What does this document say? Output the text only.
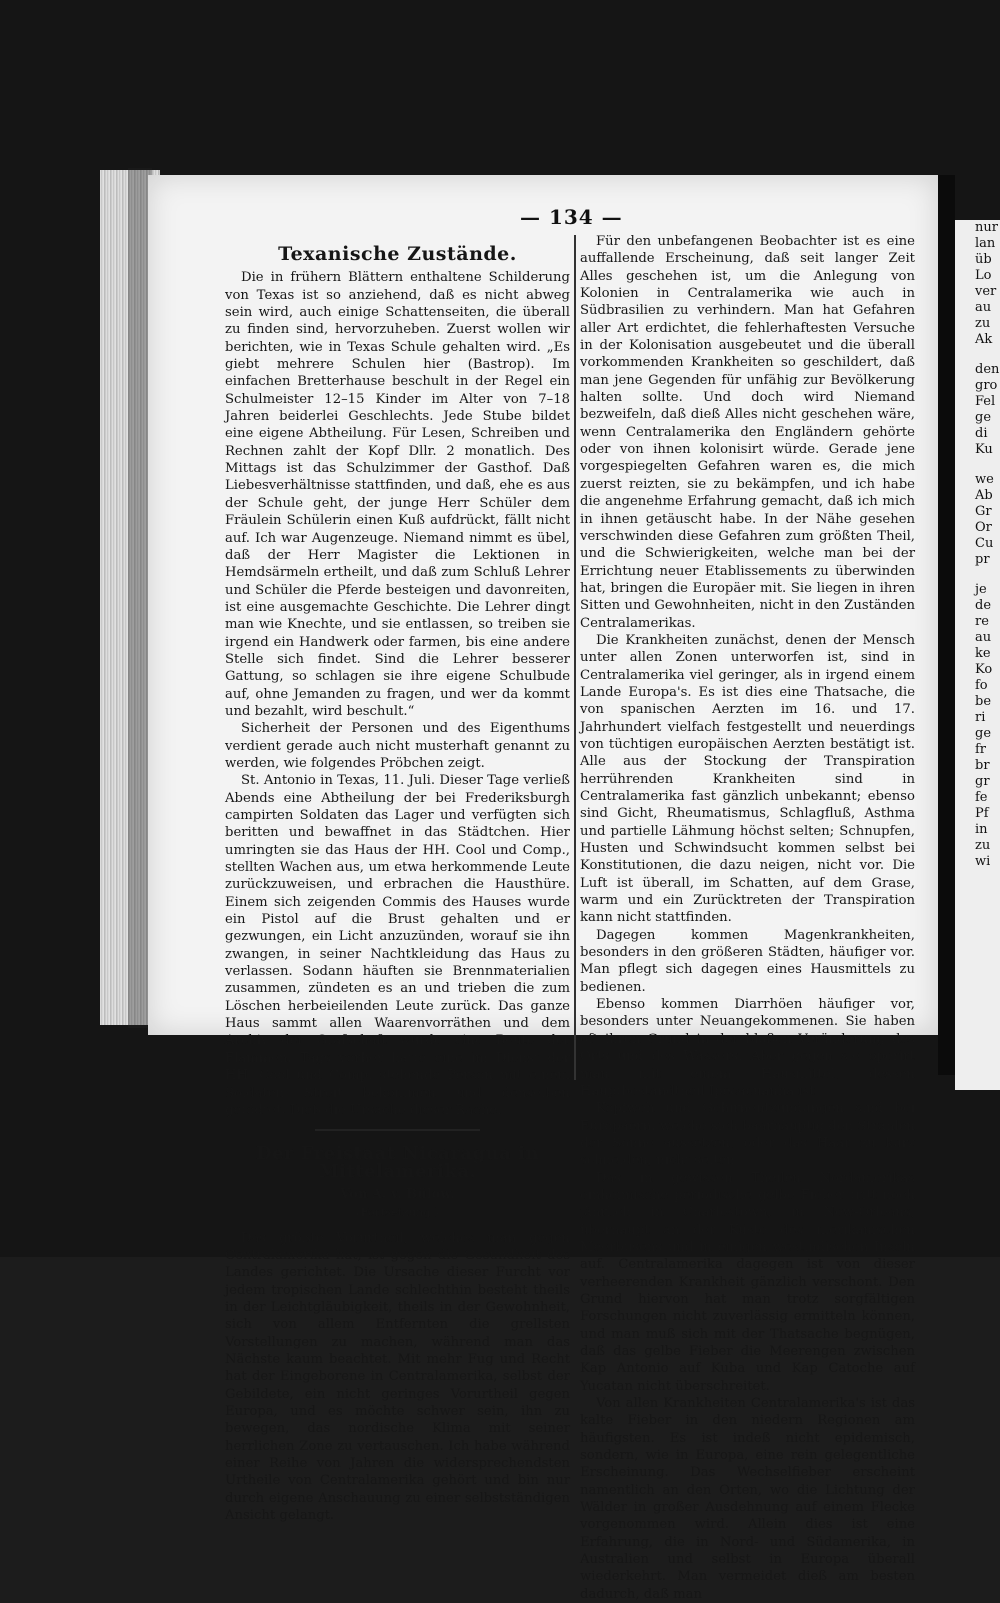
nur
lan
üb
Lo
ver
au
zu
Ak
den
gro
Fel
ge
di
Ku
we
Ab
Gr
Or
Cu
pr
je
de
re
au
ke
Ko
fo
be
ri
ge
fr
br
gr
fe
Pf
in
zu
wi
— 134 —
Texanische Zustände.

Die in frühern Blättern enthaltene Schilderung von Texas ist so anziehend, daß es nicht abweg sein wird, auch einige Schattenseiten, die überall zu finden sind, hervorzuheben. Zuerst wollen wir berichten, wie in Texas Schule gehalten wird. „Es giebt mehrere Schulen hier (Bastrop). Im einfachen Bretterhause beschult in der Regel ein Schulmeister 12–15 Kinder im Alter von 7–18 Jahren beiderlei Geschlechts. Jede Stube bildet eine eigene Abtheilung. Für Lesen, Schreiben und Rechnen zahlt der Kopf Dllr. 2 monatlich. Des Mittags ist das Schulzimmer der Gasthof. Daß Liebesverhältnisse stattfinden, und daß, ehe es aus der Schule geht, der junge Herr Schüler dem Fräulein Schülerin einen Kuß aufdrückt, fällt nicht auf. Ich war Augenzeuge. Niemand nimmt es übel, daß der Herr Magister die Lektionen in Hemdsärmeln ertheilt, und daß zum Schluß Lehrer und Schüler die Pferde besteigen und davonreiten, ist eine ausgemachte Geschichte. Die Lehrer dingt man wie Knechte, und sie entlassen, so treiben sie irgend ein Handwerk oder farmen, bis eine andere Stelle sich findet. Sind die Lehrer besserer Gattung, so schlagen sie ihre eigene Schulbude auf, ohne Jemanden zu fragen, und wer da kommt und bezahlt, wird beschult.“

Sicherheit der Personen und des Eigenthums verdient gerade auch nicht musterhaft genannt zu werden, wie folgendes Pröbchen zeigt.

St. Antonio in Texas, 11. Juli. Dieser Tage verließ Abends eine Abtheilung der bei Frederiksburgh campirten Soldaten das Lager und verfügten sich beritten und bewaffnet in das Städtchen. Hier umringten sie das Haus der HH. Cool und Comp., stellten Wachen aus, um etwa herkommende Leute zurückzuweisen, und erbrachen die Hausthüre. Einem sich zeigenden Commis des Hauses wurde ein Pistol auf die Brust gehalten und er gezwungen, ein Licht anzuzünden, worauf sie ihn zwangen, in seiner Nachtkleidung das Haus zu verlassen. Sodann häuften sie Brennmaterialien zusammen, zündeten es an und trieben die zum Löschen herbeieilenden Leute zurück. Das ganze Haus sammt allen Waarenvorräthen und dem Archiv der Grafschaft wurde eine Beute der Flammen. Tags vorher hatte eine im Dienst der HH. Cool und Comp. stehende Person mit einem Soldaten Streit bekommen und denselben getödtet. Dieß die Ursache dieser Rache.

Der Freistaat Nicaragua in Mittelamerika.
Von A. v. Bülow.
(Fortsetzung.)

Das größte Vorurtheil, welches man gegen Centralamerika hat, ist gegen die Gesundheit des Landes gerichtet. Die Ursache dieser Furcht vor jedem tropischen Lande schlechthin besteht theils in der Leichtgläubigkeit, theils in der Gewohnheit, sich von allem Entfernten die grellsten Vorstellungen zu machen, während man das Nächste kaum beachtet. Mit mehr Fug und Recht hat der Eingeborene in Centralamerika, selbst der Gebildete, ein nicht geringes Vorurtheil gegen Europa, und es möchte schwer sein, ihn zu bewegen, das nordische Klima mit seiner herrlichen Zone zu vertauschen. Ich habe während einer Reihe von Jahren die widersprechendsten Urtheile von Centralamerika gehört und bin nur durch eigene Anschauung zu einer selbstständigen Ansicht gelangt.

Für den unbefangenen Beobachter ist es eine auffallende Erscheinung, daß seit langer Zeit Alles geschehen ist, um die Anlegung von Kolonien in Centralamerika wie auch in Südbrasilien zu verhindern. Man hat Gefahren aller Art erdichtet, die fehlerhaftesten Versuche in der Kolonisation ausgebeutet und die überall vorkommenden Krankheiten so geschildert, daß man jene Gegenden für unfähig zur Bevölkerung halten sollte. Und doch wird Niemand bezweifeln, daß dieß Alles nicht geschehen wäre, wenn Centralamerika den Engländern gehörte oder von ihnen kolonisirt würde. Gerade jene vorgespiegelten Gefahren waren es, die mich zuerst reizten, sie zu bekämpfen, und ich habe die angenehme Erfahrung gemacht, daß ich mich in ihnen getäuscht habe. In der Nähe gesehen verschwinden diese Gefahren zum größten Theil, und die Schwierigkeiten, welche man bei der Errichtung neuer Etablissements zu überwinden hat, bringen die Europäer mit. Sie liegen in ihren Sitten und Gewohnheiten, nicht in den Zuständen Centralamerikas.

Die Krankheiten zunächst, denen der Mensch unter allen Zonen unterworfen ist, sind in Centralamerika viel geringer, als in irgend einem Lande Europa's. Es ist dies eine Thatsache, die von spanischen Aerzten im 16. und 17. Jahrhundert vielfach festgestellt und neuerdings von tüchtigen europäischen Aerzten bestätigt ist. Alle aus der Stockung der Transpiration herrührenden Krankheiten sind in Centralamerika fast gänzlich unbekannt; ebenso sind Gicht, Rheumatismus, Schlagfluß, Asthma und partielle Lähmung höchst selten; Schnupfen, Husten und Schwindsucht kommen selbst bei Konstitutionen, die dazu neigen, nicht vor. Die Luft ist überall, im Schatten, auf dem Grase, warm und ein Zurücktreten der Transpiration kann nicht stattfinden.

Dagegen kommen Magenkrankheiten, besonders in den größeren Städten, häufiger vor. Man pflegt sich dagegen eines Hausmittels zu bedienen.

Ebenso kommen Diarrhöen häufiger vor, besonders unter Neuangekommenen. Sie haben oft ihren Grund in der bloßen Veränderung des Orts und des Wassers. Aber gegen sie operirt man mit einem Hausmittel, dessen Hauptbestandtheil Ipecacuanha ist.

Kopfweh und Gehirnentzündungen sind bei Europäern, welche sich baarhäuptig den Strahlen der Sonne aussetzen, oder das Haar zu kurz schneiden, nicht selten.

Das in gewissen Theilen Nordamerikas einheimische periodische gelbe Fieber tritt noch jährlich in Charlestown, in New-Orleans, überhaupt an der Küste des merikanischen Meerbusens und in einigen westindischen Inseln auf. Centralamerika dagegen ist von dieser verheerenden Krankheit gänzlich verschont. Den Grund hiervon hat man trotz sorgfältigen Forschungen nicht zuverlässig ermitteln können, und man muß sich mit der Thatsache begnügen, daß das gelbe Fieber die Meerengen zwischen Kap Antonio auf Kuba und Kap Catoche auf Yucatan nicht überschreitet.

Von allen Krankheiten Centralamerika's ist das kalte Fieber in den niedern Regionen am häufigsten. Es ist indeß nicht epidemisch, sondern, wie in Europa, eine rein gelegentliche Erscheinung. Das Wechselfieber erscheint namentlich an den Orten, wo die Lichtung der Wälder in großer Ausdehnung auf einem Flecke vorgenommen wird. Allein dies ist eine Erfahrung, die in Nord- und Südamerika, in Australien und selbst in Europa überall wiederkehrt. Man vermeidet dieß am besten dadurch, daß man
